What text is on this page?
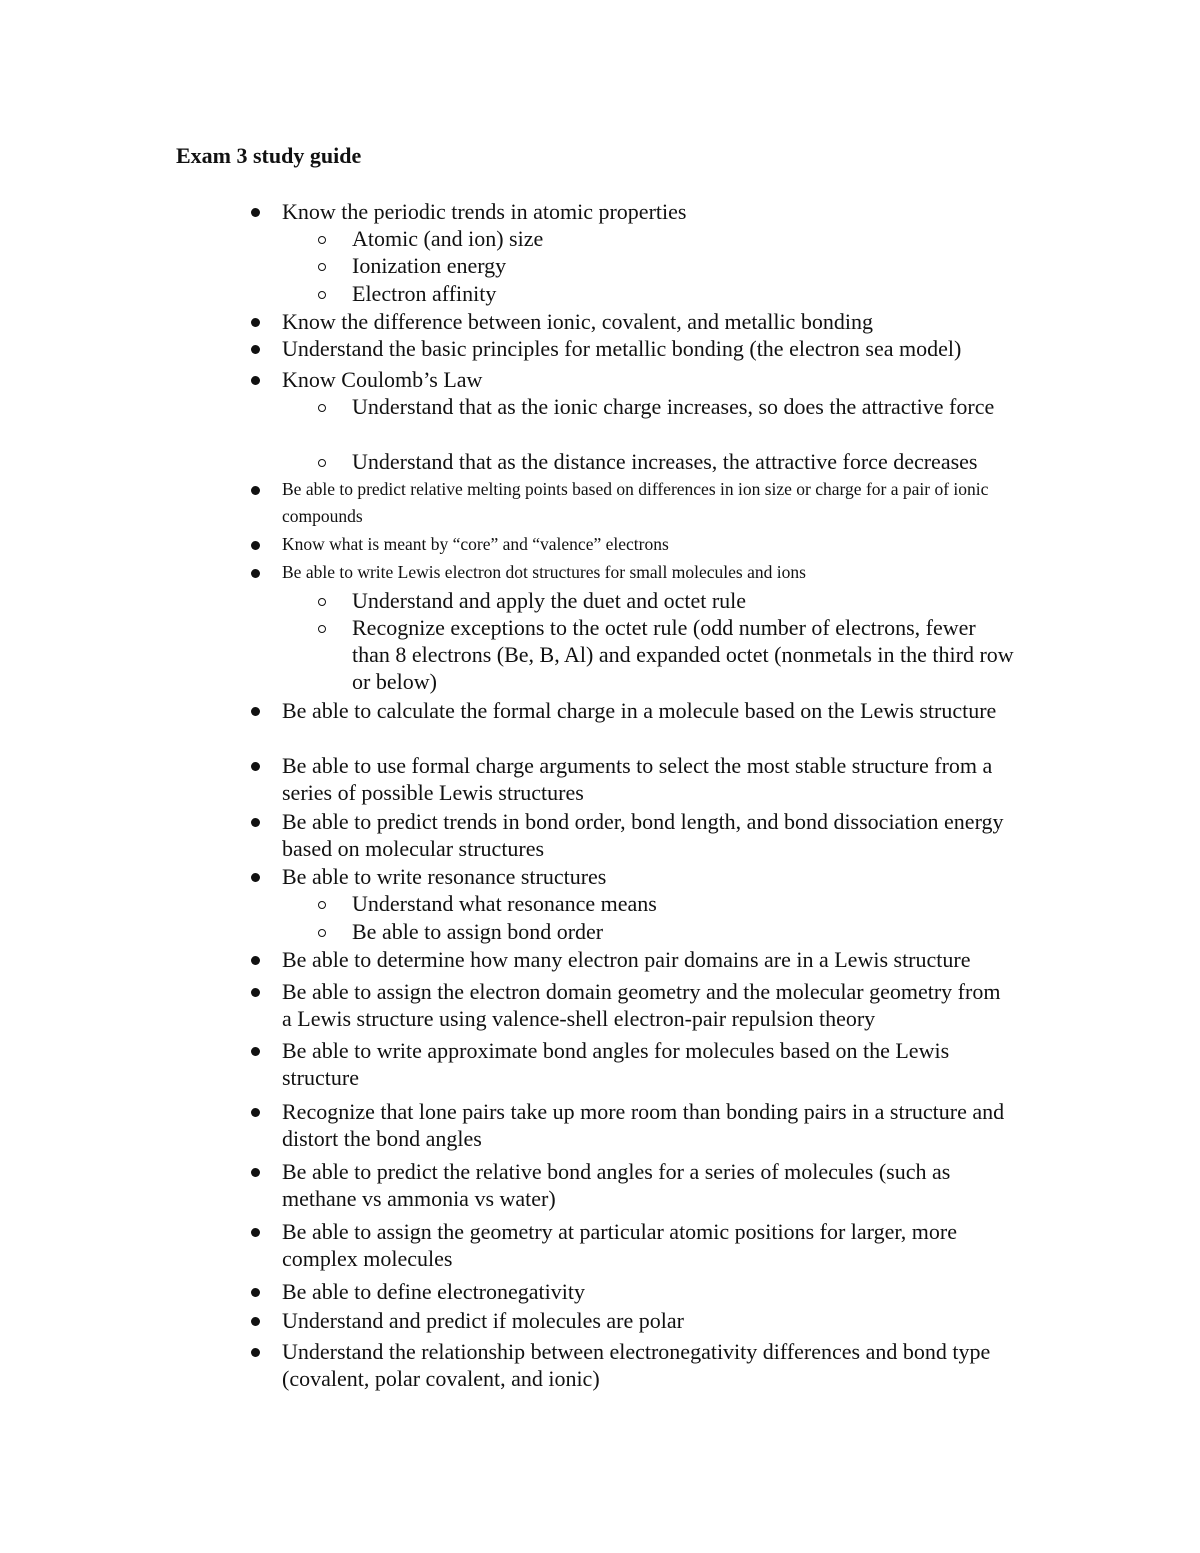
Exam 3 study guide
Know the periodic trends in atomic properties
Atomic (and ion) size
Ionization energy
Electron affinity
Know the difference between ionic, covalent, and metallic bonding
Understand the basic principles for metallic bonding (the electron sea model)
Know Coulomb’s Law
Understand that as the ionic charge increases, so does the attractive force
Understand that as the distance increases, the attractive force decreases
Be able to predict relative melting points based on differences in ion size or charge for a pair of ionic compounds
Know what is meant by “core” and “valence” electrons
Be able to write Lewis electron dot structures for small molecules and ions
Understand and apply the duet and octet rule
Recognize exceptions to the octet rule (odd number of electrons, fewer than 8 electrons (Be, B, Al) and expanded octet (nonmetals in the third row or below)
Be able to calculate the formal charge in a molecule based on the Lewis structure
Be able to use formal charge arguments to select the most stable structure from a series of possible Lewis structures
Be able to predict trends in bond order, bond length, and bond dissociation energy based on molecular structures
Be able to write resonance structures
Understand what resonance means
Be able to assign bond order
Be able to determine how many electron pair domains are in a Lewis structure
Be able to assign the electron domain geometry and the molecular geometry from a Lewis structure using valence-shell electron-pair repulsion theory
Be able to write approximate bond angles for molecules based on the Lewis structure
Recognize that lone pairs take up more room than bonding pairs in a structure and distort the bond angles
Be able to predict the relative bond angles for a series of molecules (such as methane vs ammonia vs water)
Be able to assign the geometry at particular atomic positions for larger, more complex molecules
Be able to define electronegativity
Understand and predict if molecules are polar
Understand the relationship between electronegativity differences and bond type (covalent, polar covalent, and ionic)
